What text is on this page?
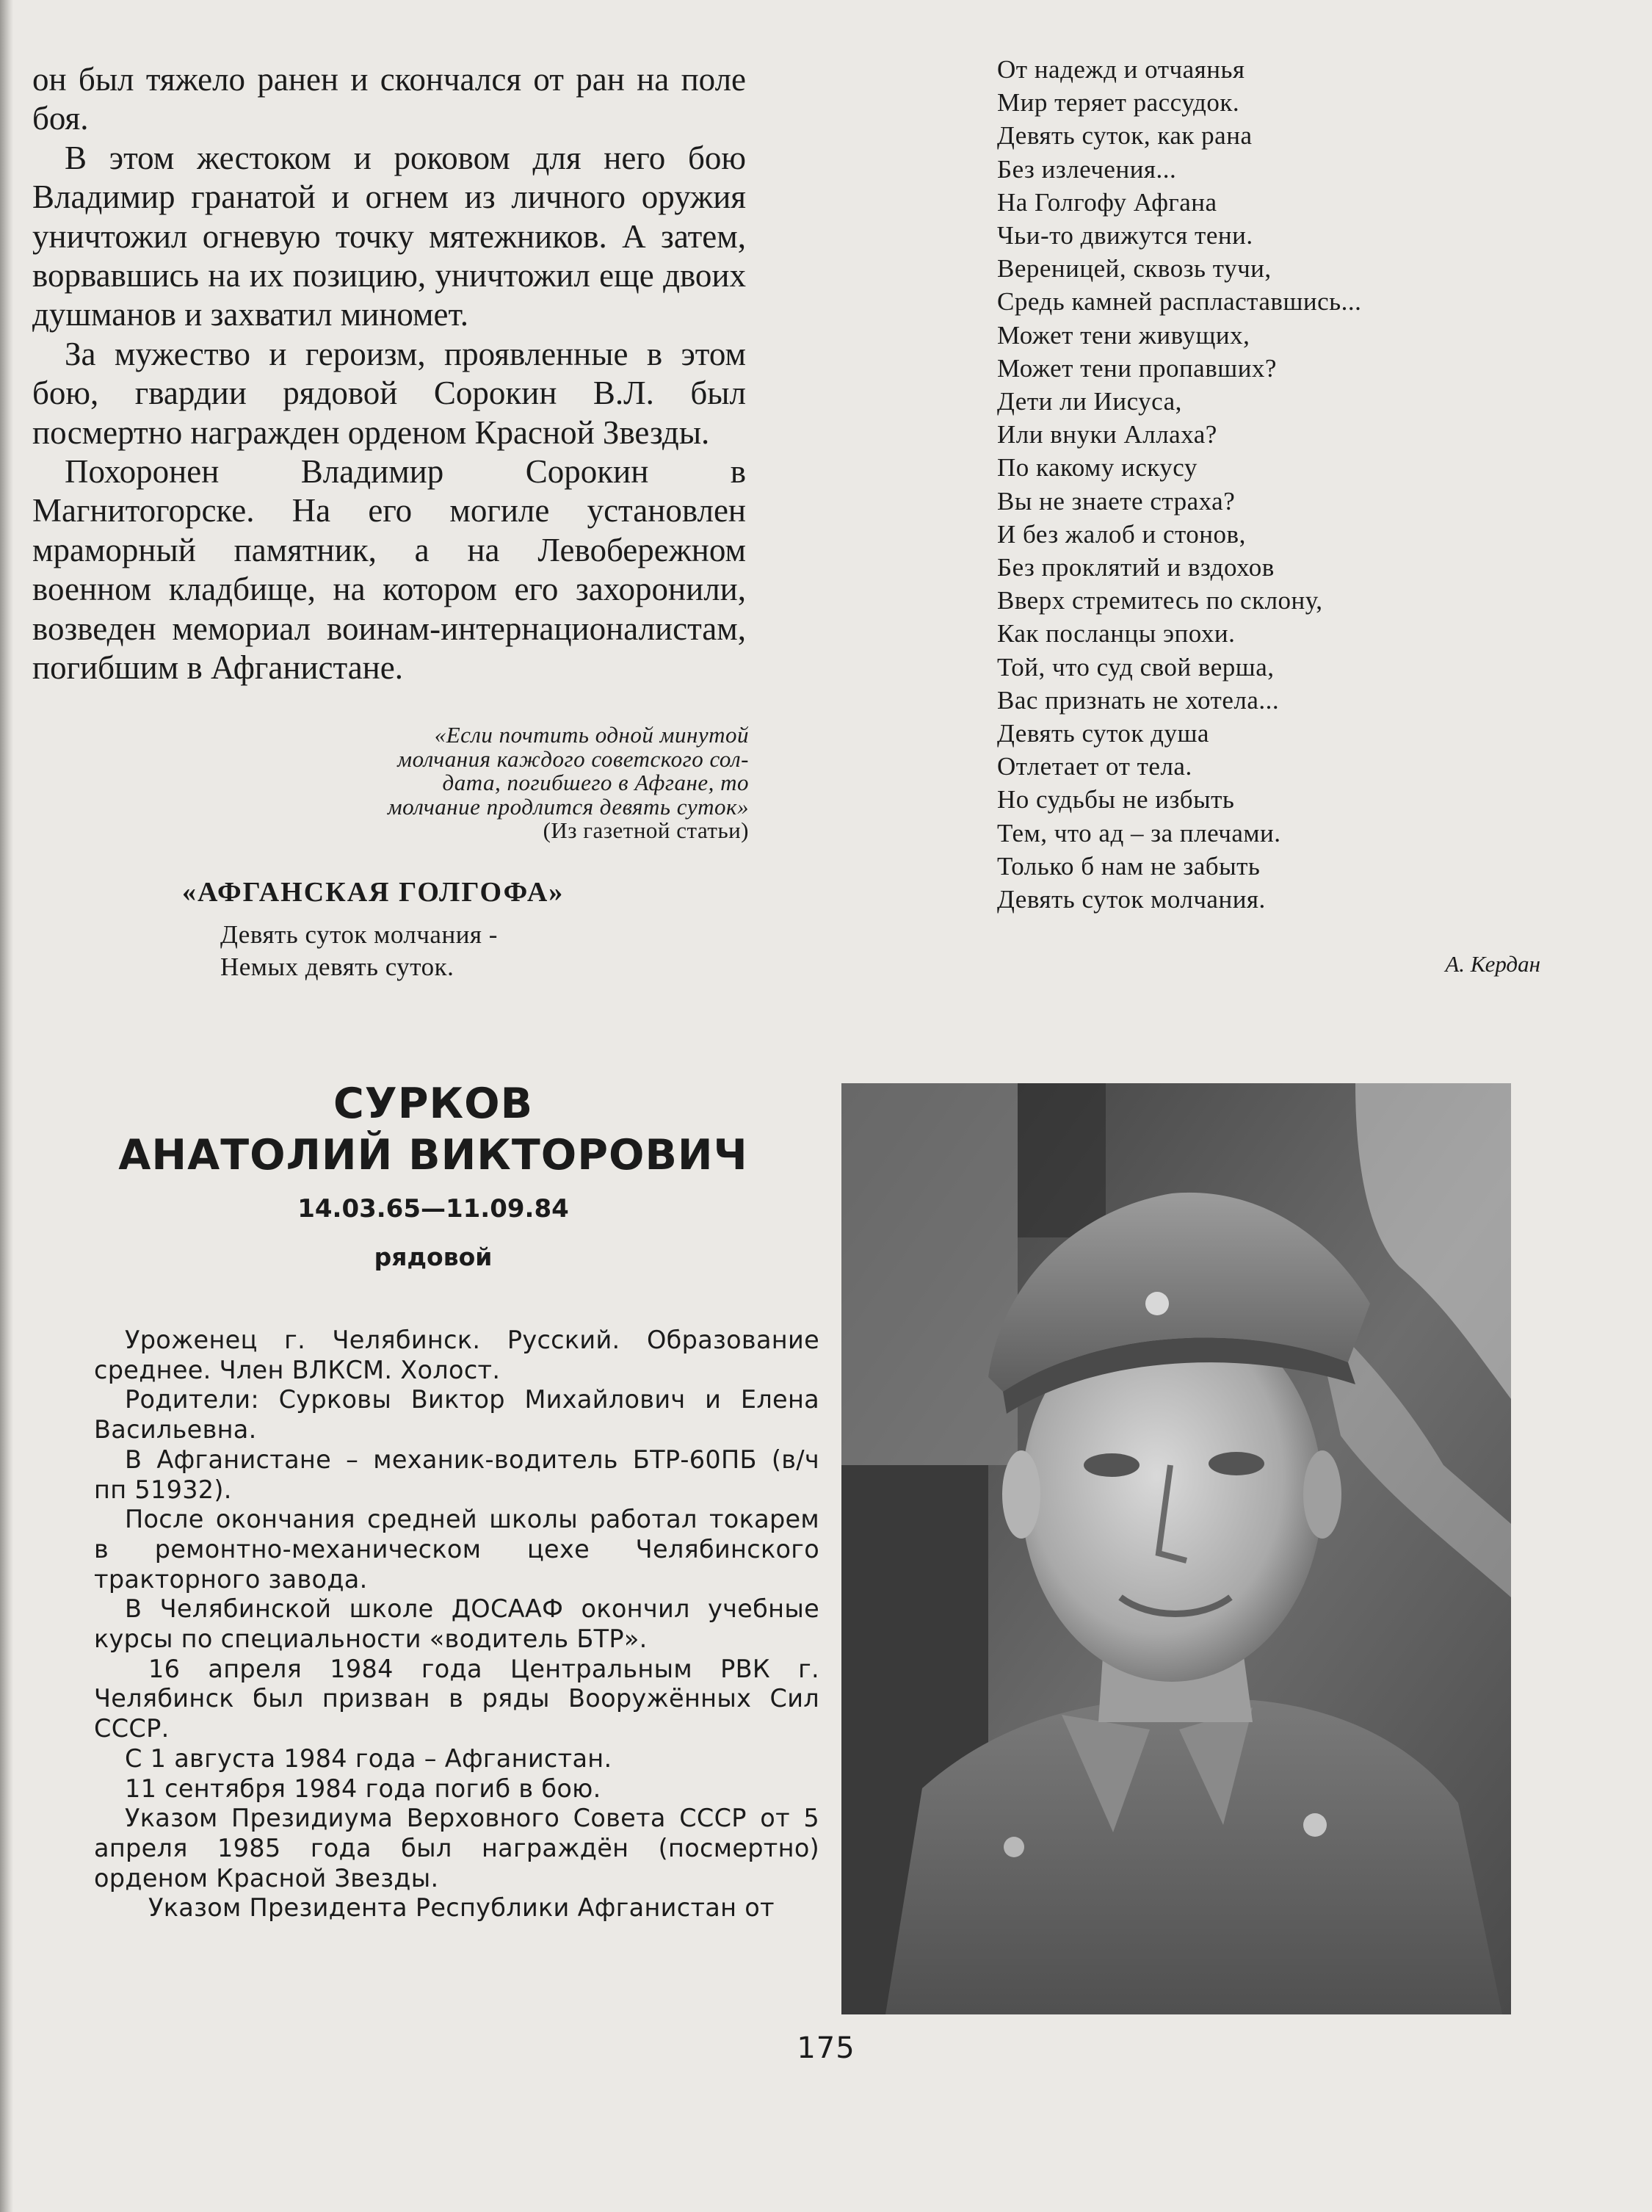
он был тяжело ранен и скончался от ран на поле боя.

В этом жестоком и роковом для него бою Владимир гранатой и огнем из личного оружия уничтожил огневую точку мятежников. А затем, ворвавшись на их позицию, уничтожил еще двоих душманов и захватил миномет.

За мужество и героизм, проявленные в этом бою, гвардии рядовой Сорокин В.Л. был посмертно награжден орденом Красной Звезды.

Похоронен Владимир Сорокин в Магнитогорске. На его могиле установлен мраморный памятник, а на Левобережном военном кладбище, на котором его захоронили, возведен мемориал воинам-интернационалистам, погибшим в Афганистане.

«Если почтить одной минутой
молчания каждого советского сол-
дата, погибшего в Афгане, то
молчание продлится девять суток»
(Из газетной статьи)
«АФГАНСКАЯ ГОЛГОФА»
Девять суток молчания -
Немых девять суток.
От надежд и отчаянья
Мир теряет рассудок.
Девять суток, как рана
Без излечения...
На Голгофу Афгана
Чьи-то движутся тени.
Вереницей, сквозь тучи,
Средь камней распластавшись...
Может тени живущих,
Может тени пропавших?
Дети ли Иисуса,
Или внуки Аллаха?
По какому искусу
Вы не знаете страха?
И без жалоб и стонов,
Без проклятий и вздохов
Вверх стремитесь по склону,
Как посланцы эпохи.
Той, что суд свой верша,
Вас признать не хотела...
Девять суток душа
Отлетает от тела.
Но судьбы не избыть
Тем, что ад – за плечами.
Только б нам не забыть
Девять суток молчания.
А. Кердан
СУРКОВ
АНАТОЛИЙ ВИКТОРОВИЧ
14.03.65—11.09.84
рядовой

Уроженец г. Челябинск. Русский. Образование среднее. Член ВЛКСМ. Холост.

Родители: Сурковы Виктор Михайлович и Елена Васильевна.

В Афганистане – механик-водитель БТР-60ПБ (в/ч пп 51932).

После окончания средней школы работал токарем в ремонтно-механическом цехе Челябинского тракторного завода.

В Челябинской школе ДОСААФ окончил учебные курсы по специальности «водитель БТР».

16 апреля 1984 года Центральным РВК г. Челябинск был призван в ряды Вооружённых Сил СССР.

С 1 августа 1984 года – Афганистан.

11 сентября 1984 года погиб в бою.

Указом Президиума Верховного Совета СССР от 5 апреля 1985 года был награждён (посмертно) орденом Красной Звезды.

Указом Президента Республики Афганистан от

175
